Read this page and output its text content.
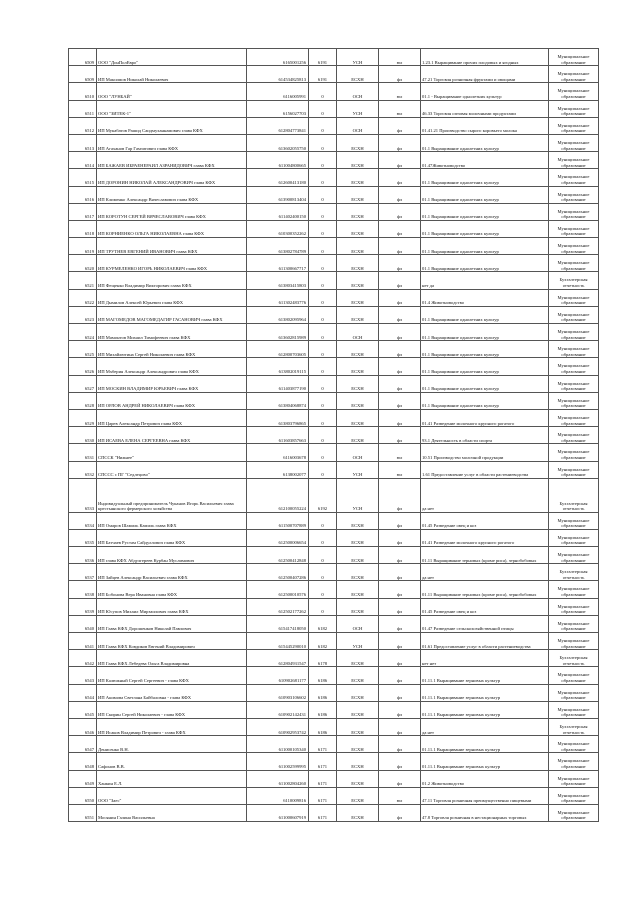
6509	ООО "ДонПолЕвро"	6165001256	6191	УСН	юл	1.23.1 Выращивание прочих плодовых и ягодных	Муниципальное образование
6509	ИП Максимов Николай Николаевич	614534825813	6191	ЕСХН	фл	47.21 Торговля розничная фруктами и овощами	Муниципальное образование
6510	ООО "ЛУНБАЙ"	6116005991	0	ОСН	юл	01.1 - Выращивание однолетних культур	Муниципальное образование
6511	ООО "ЗИТЕК-1"	6156027703	0	УСН	юл	46.33 Торговля оптовая молочными продуктами	Муниципальное образование
6512	ИП Мукабатов Рашид Саидмуханнамович глава КФХ	612804773841	0	ОСН	фл	01.41.21 Производство сырого коровьего молока	Муниципальное образование
6513	ИП Агаханов Гар Гамзатович глава КФХ	613602055750	0	ЕСХН	фл	01.1 Выращивание однолетних культур	Муниципальное образование
6514	ИП БАЖАЕВ ИБРАЕНЕРАИЛ АЗРАНИДОВИЧ глава КФХ	611004800665	0	ЕСХН	фл	01.47Животноводство	Муниципальное образование
6515	ИП ДОРОНИН НИКОЛАЙ АЛЕКСАНДРОВИЧ глава КФХ	612600413180	0	ЕСХН	фл	01.1 Выращивание однолетних культур	Муниципальное образование
6516	ИП Клименко Александр Вячеславович глава КФХ	613900813404	0	ЕСХН	фл	01.1 Выращивание однолетних культур	Муниципальное образование
6517	ИП КОРОТУН СЕРГЕЙ ВЯЧЕСЛАВОВИЧ глава КФХ	611402400150	0	ЕСХН	фл	01.1 Выращивание однолетних культур	Муниципальное образование
6518	ИП КОРНИЕНКО ОЛЬГА НИКОЛАЕВНА глава КФХ	610300352262	0	ЕСХН	фл	01.1 Выращивание однолетних культур	Муниципальное образование
6519	ИП ТРУТНЕВ ЕВГЕНИЙ ИВАНОВИЧ глава КФХ	613802784789	0	ЕСХН	фл	01.1 Выращивание однолетних культур	Муниципальное образование
6520	ИП КУРМЕЛЕНКО ИГОРЬ НИКОЛАЕВИЧ глава КФХ	611300667717	0	ЕСХН	фл	01.1 Выращивание однолетних культур	Муниципальное образование
6521	ИП Фещенко Владимир Викторович глава КФХ	613803415803	0	ЕСХН	фл	нет да	Бухгалтерская отчетность
6522	ИП Дымилов Алексей Юрьевич глава КФХ	611302483776	0	ЕСХН	фл	01.4 Животноводство	Муниципальное образование
6523	ИП МАГОМЕДОВ МАГОМЕДАГИР ГАСАНОВИЧ глава КФХ	613802095964	0	ЕСХН	фл	01.1 Выращивание однолетних культур	Муниципальное образование
6524	ИП Мамонтов Михаил Тимофеевич глава КФХ	613602815989	0	ОСН	фл	01.1 Выращивание однолетних культур	Муниципальное образование
6525	ИП Михайлютина Сергей Николаевич глава КФХ	612800703605	0	ЕСХН	фл	01.1 Выращивание однолетних культур	Муниципальное образование
6526	ИП Мхберия Александр Александрович глава КФХ	613802019115	0	ЕСХН	фл	01.1 Выращивание однолетних культур	Муниципальное образование
6527	ИП МОСКИН ВЛАДИМИР ЮРЬЕВИЧ глава КФХ	611403877190	0	ЕСХН	фл	01.1 Выращивание однолетних культур	Муниципальное образование
6528	ИП ОРЛОВ АНДРЕЙ НИКОЛАЕВИЧ глава КФХ	613804068874	0	ЕСХН	фл	01.1 Выращивание однолетних культур	Муниципальное образование
6529	ИП Царев Александр Петрович глава КФХ	613803796865	0	ЕСХН	фл	01.41 Разведение молочного крупного рогатого	Муниципальное образование
6530	ИП ИСАЕВА ЕЛЕНА СЕРГЕЕВНА глава КФХ	611603857663	0	ЕСХН	фл	93.1 Деятельность в области спорта	Муниципальное образование
6531	СПССК "Нижнее"	6116003678	0	ОСН	юл	10.51 Производство молочной продукции	Муниципальное образование
6532	СПССС с ПГ "Седлецово"	6138002077	0	УСН	юл	1.61 Предоставление услуг в области растениеводства	Муниципальное образование
6533	Индивидуальный предприниматель Чуканов Игорь Васильевич глава крестьянского фермерского хозяйства	612100055224	6192	УСН	фл	да нет	Бухгалтерская отчетность
6534	ИП Омаров Шамиль Камиль глава КФХ	611500707889	0	ЕСХН	фл	01.45 Разведение овец и коз	Муниципальное образование
6535	ИП Батчаев Рустам Сайдуллович глава КФХ	612500006654	0	ЕСХН	фл	01.41 Разведение молочного крупного рогатого	Муниципальное образование
6536	ИП глава КФХ Абдулгереев Курбан Муслимович	612500412848	0	ЕСХН	фл	01.11 Выращивание зерновых (кроме риса), зернобобовых	Муниципальное образование
6537	ИП Зайцев Александр Васильевич глава КФХ	612500407286	0	ЕСХН	фл	да нет	Бухгалтерская отчетность
6538	ИП Бобонова Вера Ивановна глава КФХ	612500010576	0	ЕСХН	фл	01.11 Выращивание зерновых (кроме риса), зернобобовых	Муниципальное образование
6539	ИП Юсупов Михаил Мирзаилович глава КФХ	612502177262	0	ЕСХН	фл	01.45 Разведение овец и коз	Муниципальное образование
6540	ИП Глава КФХ Дорошенков Николай Павлович	615417418050	6182	ОСН	фл	01.47 Разведение сельскохозяйственной птицы	Муниципальное образование
6541	ИП Глава КФХ Ковдиков Евгений Владимирович	615445290010	6182	УСН	фл	01.61 Предоставление услуг в области растениеводства	Муниципальное образование
6542	ИП Глава КФХ Лебедева Ольга Владимировна	612804931547	6178	ЕСХН	фл	нет нет	Бухгалтерская отчетность
6543	ИП Калюжный Сергей Сергеевич - глава КФХ	610902681177	6186	ЕСХН	фл	01.11.1 Выращивание зерновых культур	Муниципальное образование
6544	ИП Акимова Светлана Байбаловна - глава КФХ	610903106602	6186	ЕСХН	фл	01.11.1 Выращивание зерновых культур	Муниципальное образование
6545	ИП Скирин Сергей Николаевич - глава КФХ	610902142431	6186	ЕСХН	фл	01.11.1 Выращивание зерновых культур	Муниципальное образование
6546	ИП Исаков Владимир Петрович - глава КФХ	610902953742	6186	ЕСХН	фл	да нет	Бухгалтерская отчетность
6547	Денисенко В.Н.	611000105340	6171	ЕСХН	фл	01.11.1 Выращивание зерновых культур	Муниципальное образование
6548	Сафонов В.В.	611002599995	6171	ЕСХН	фл	01.11.1 Выращивание зерновых культур	Муниципальное образование
6549	Ханкин Е.Л.	611002804260	6171	ЕСХН	фл	01.2 Животноводство	Муниципальное образование
6550	ООО "Заес"	6110009816	6171	ЕСХН	юл	47.11 Торговля розничная преимущественно пищевыми	Муниципальное образование
6551	Мосянин Галина Васильевна	611000607919	6171	ЕСХН	фл	47.8 Торговля розничная в нестационарных торговых	Муниципальное образование
